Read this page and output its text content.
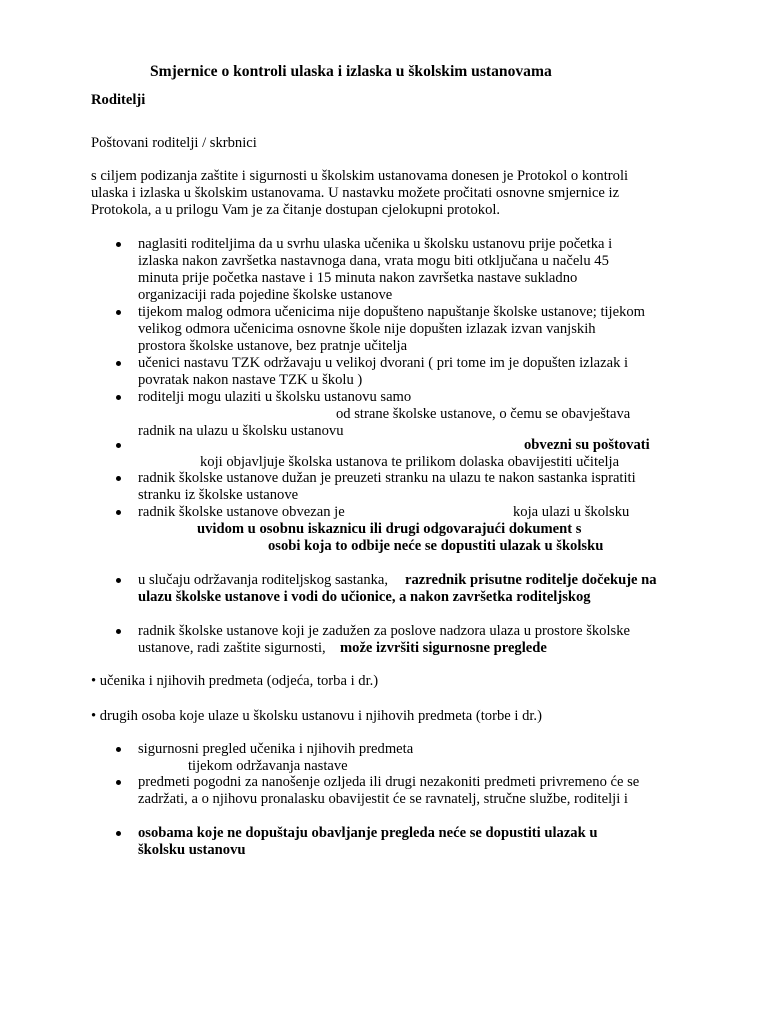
Smjernice o kontroli ulaska i izlaska u školskim ustanovama
Roditelji
Poštovani roditelji / skrbnici
s ciljem podizanja zaštite i sigurnosti u školskim ustanovama donesen je Protokol o kontroli
ulaska i izlaska u školskim ustanovama. U nastavku možete pročitati osnovne smjernice iz
Protokola, a u prilogu Vam je za čitanje dostupan cjelokupni protokol.
naglasiti roditeljima da u svrhu ulaska učenika u školsku ustanovu prije početka i
izlaska nakon završetka nastavnoga dana, vrata mogu biti otključana u načelu 45
minuta prije početka nastave i 15 minuta nakon završetka nastave sukladno
organizaciji rada pojedine školske ustanove
tijekom malog odmora učenicima nije dopušteno napuštanje školske ustanove; tijekom
velikog odmora učenicima osnovne škole nije dopušten izlazak izvan vanjskih
prostora školske ustanove, bez pratnje učitelja
učenici nastavu TZK održavaju u velikoj dvorani ( pri tome im je dopušten izlazak i
povratak nakon nastave TZK u školu )
roditelji mogu ulaziti u školsku ustanovu samo
od strane školske ustanove, o čemu se obavještava
radnik na ulazu u školsku ustanovu
obvezni su poštovati
koji objavljuje školska ustanova te prilikom dolaska obavijestiti učitelja
radnik školske ustanove dužan je preuzeti stranku na ulazu te nakon sastanka ispratiti
stranku iz školske ustanove
radnik školske ustanove obvezan je	koja ulazi u školsku
uvidom u osobnu iskaznicu ili drugi odgovarajući dokument s
osobi koja to odbije neće se dopustiti ulazak u školsku
u slučaju održavanja roditeljskog sastanka, razrednik prisutne roditelje dočekuje na
ulazu školske ustanove i vodi do učionice, a nakon završetka roditeljskog
radnik školske ustanove koji je zadužen za poslove nadzora ulaza u prostore školske
ustanove, radi zaštite sigurnosti, može izvršiti sigurnosne preglede
• učenika i njihovih predmeta (odjeća, torba i dr.)
• drugih osoba koje ulaze u školsku ustanovu i njihovih predmeta (torbe i dr.)
sigurnosni pregled učenika i njihovih predmeta
tijekom održavanja nastave
predmeti pogodni za nanošenje ozljeda ili drugi nezakoniti predmeti privremeno će se
zadržati, a o njihovu pronalasku obavijestit će se ravnatelj, stručne službe, roditelji i
osobama koje ne dopuštaju obavljanje pregleda neće se dopustiti ulazak u
školsku ustanovu
